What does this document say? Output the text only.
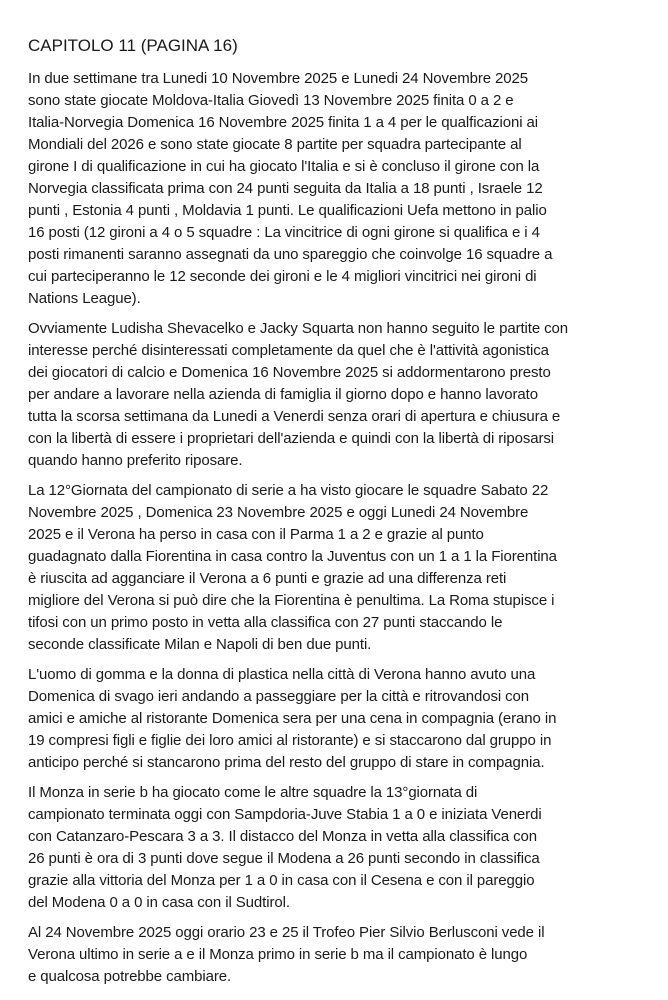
CAPITOLO 11 (PAGINA 16)
In due settimane tra Lunedi 10 Novembre 2025 e Lunedi 24 Novembre 2025
sono state giocate Moldova-Italia Giovedì 13 Novembre 2025 finita 0 a 2 e
Italia-Norvegia Domenica 16 Novembre 2025 finita 1 a 4 per le qualficazioni ai
Mondiali del 2026 e sono state giocate 8 partite per squadra partecipante al
girone I di qualificazione in cui ha giocato l'Italia e si è concluso il girone con la
Norvegia classificata prima con 24 punti seguita da Italia a 18 punti , Israele 12
punti , Estonia 4 punti , Moldavia 1 punti. Le qualificazioni Uefa mettono in palio
16 posti (12 gironi a 4 o 5 squadre : La vincitrice di ogni girone si qualifica e i 4
posti rimanenti saranno assegnati da uno spareggio che coinvolge 16 squadre a
cui parteciperanno le 12 seconde dei gironi e le 4 migliori vincitrici nei gironi di
Nations League).
Ovviamente Ludisha Shevacelko e Jacky Squarta non hanno seguito le partite con
interesse perché disinteressati completamente da quel che è l'attività agonistica
dei giocatori di calcio e Domenica 16 Novembre 2025 si addormentarono presto
per andare a lavorare nella azienda di famiglia il giorno dopo e hanno lavorato
tutta la scorsa settimana da Lunedi a Venerdi senza orari di apertura e chiusura e
con la libertà di essere i proprietari dell'azienda e quindi con la libertà di riposarsi
quando hanno preferito riposare.
La 12°Giornata del campionato di serie a ha visto giocare le squadre Sabato 22
Novembre 2025 , Domenica 23 Novembre 2025 e oggi Lunedi 24 Novembre
2025 e il Verona ha perso in casa con il Parma 1 a 2 e grazie al punto
guadagnato dalla Fiorentina in casa contro la Juventus con un 1 a 1 la Fiorentina
è riuscita ad agganciare il Verona a 6 punti e grazie ad una differenza reti
migliore del Verona si può dire che la Fiorentina è penultima. La Roma stupisce i
tifosi con un primo posto in vetta alla classifica con 27 punti staccando le
seconde classificate Milan e Napoli di ben due punti.
L'uomo di gomma e la donna di plastica nella città di Verona hanno avuto una
Domenica di svago ieri andando a passeggiare per la città e ritrovandosi con
amici e amiche al ristorante Domenica sera per una cena in compagnia (erano in
19 compresi figli e figlie dei loro amici al ristorante) e si staccarono dal gruppo in
anticipo perché si stancarono prima del resto del gruppo di stare in compagnia.
Il Monza in serie b ha giocato come le altre squadre la 13°giornata di
campionato terminata oggi con Sampdoria-Juve Stabia 1 a 0 e iniziata Venerdi
con Catanzaro-Pescara 3 a 3. Il distacco del Monza in vetta alla classifica con
26 punti è ora di 3 punti dove segue il Modena a 26 punti secondo in classifica
grazie alla vittoria del Monza per 1 a 0 in casa con il Cesena e con il pareggio
del Modena 0 a 0 in casa con il Sudtirol.
Al 24 Novembre 2025 oggi orario 23 e 25 il Trofeo Pier Silvio Berlusconi vede il
Verona ultimo in serie a e il Monza primo in serie b ma il campionato è lungo
e qualcosa potrebbe cambiare.
